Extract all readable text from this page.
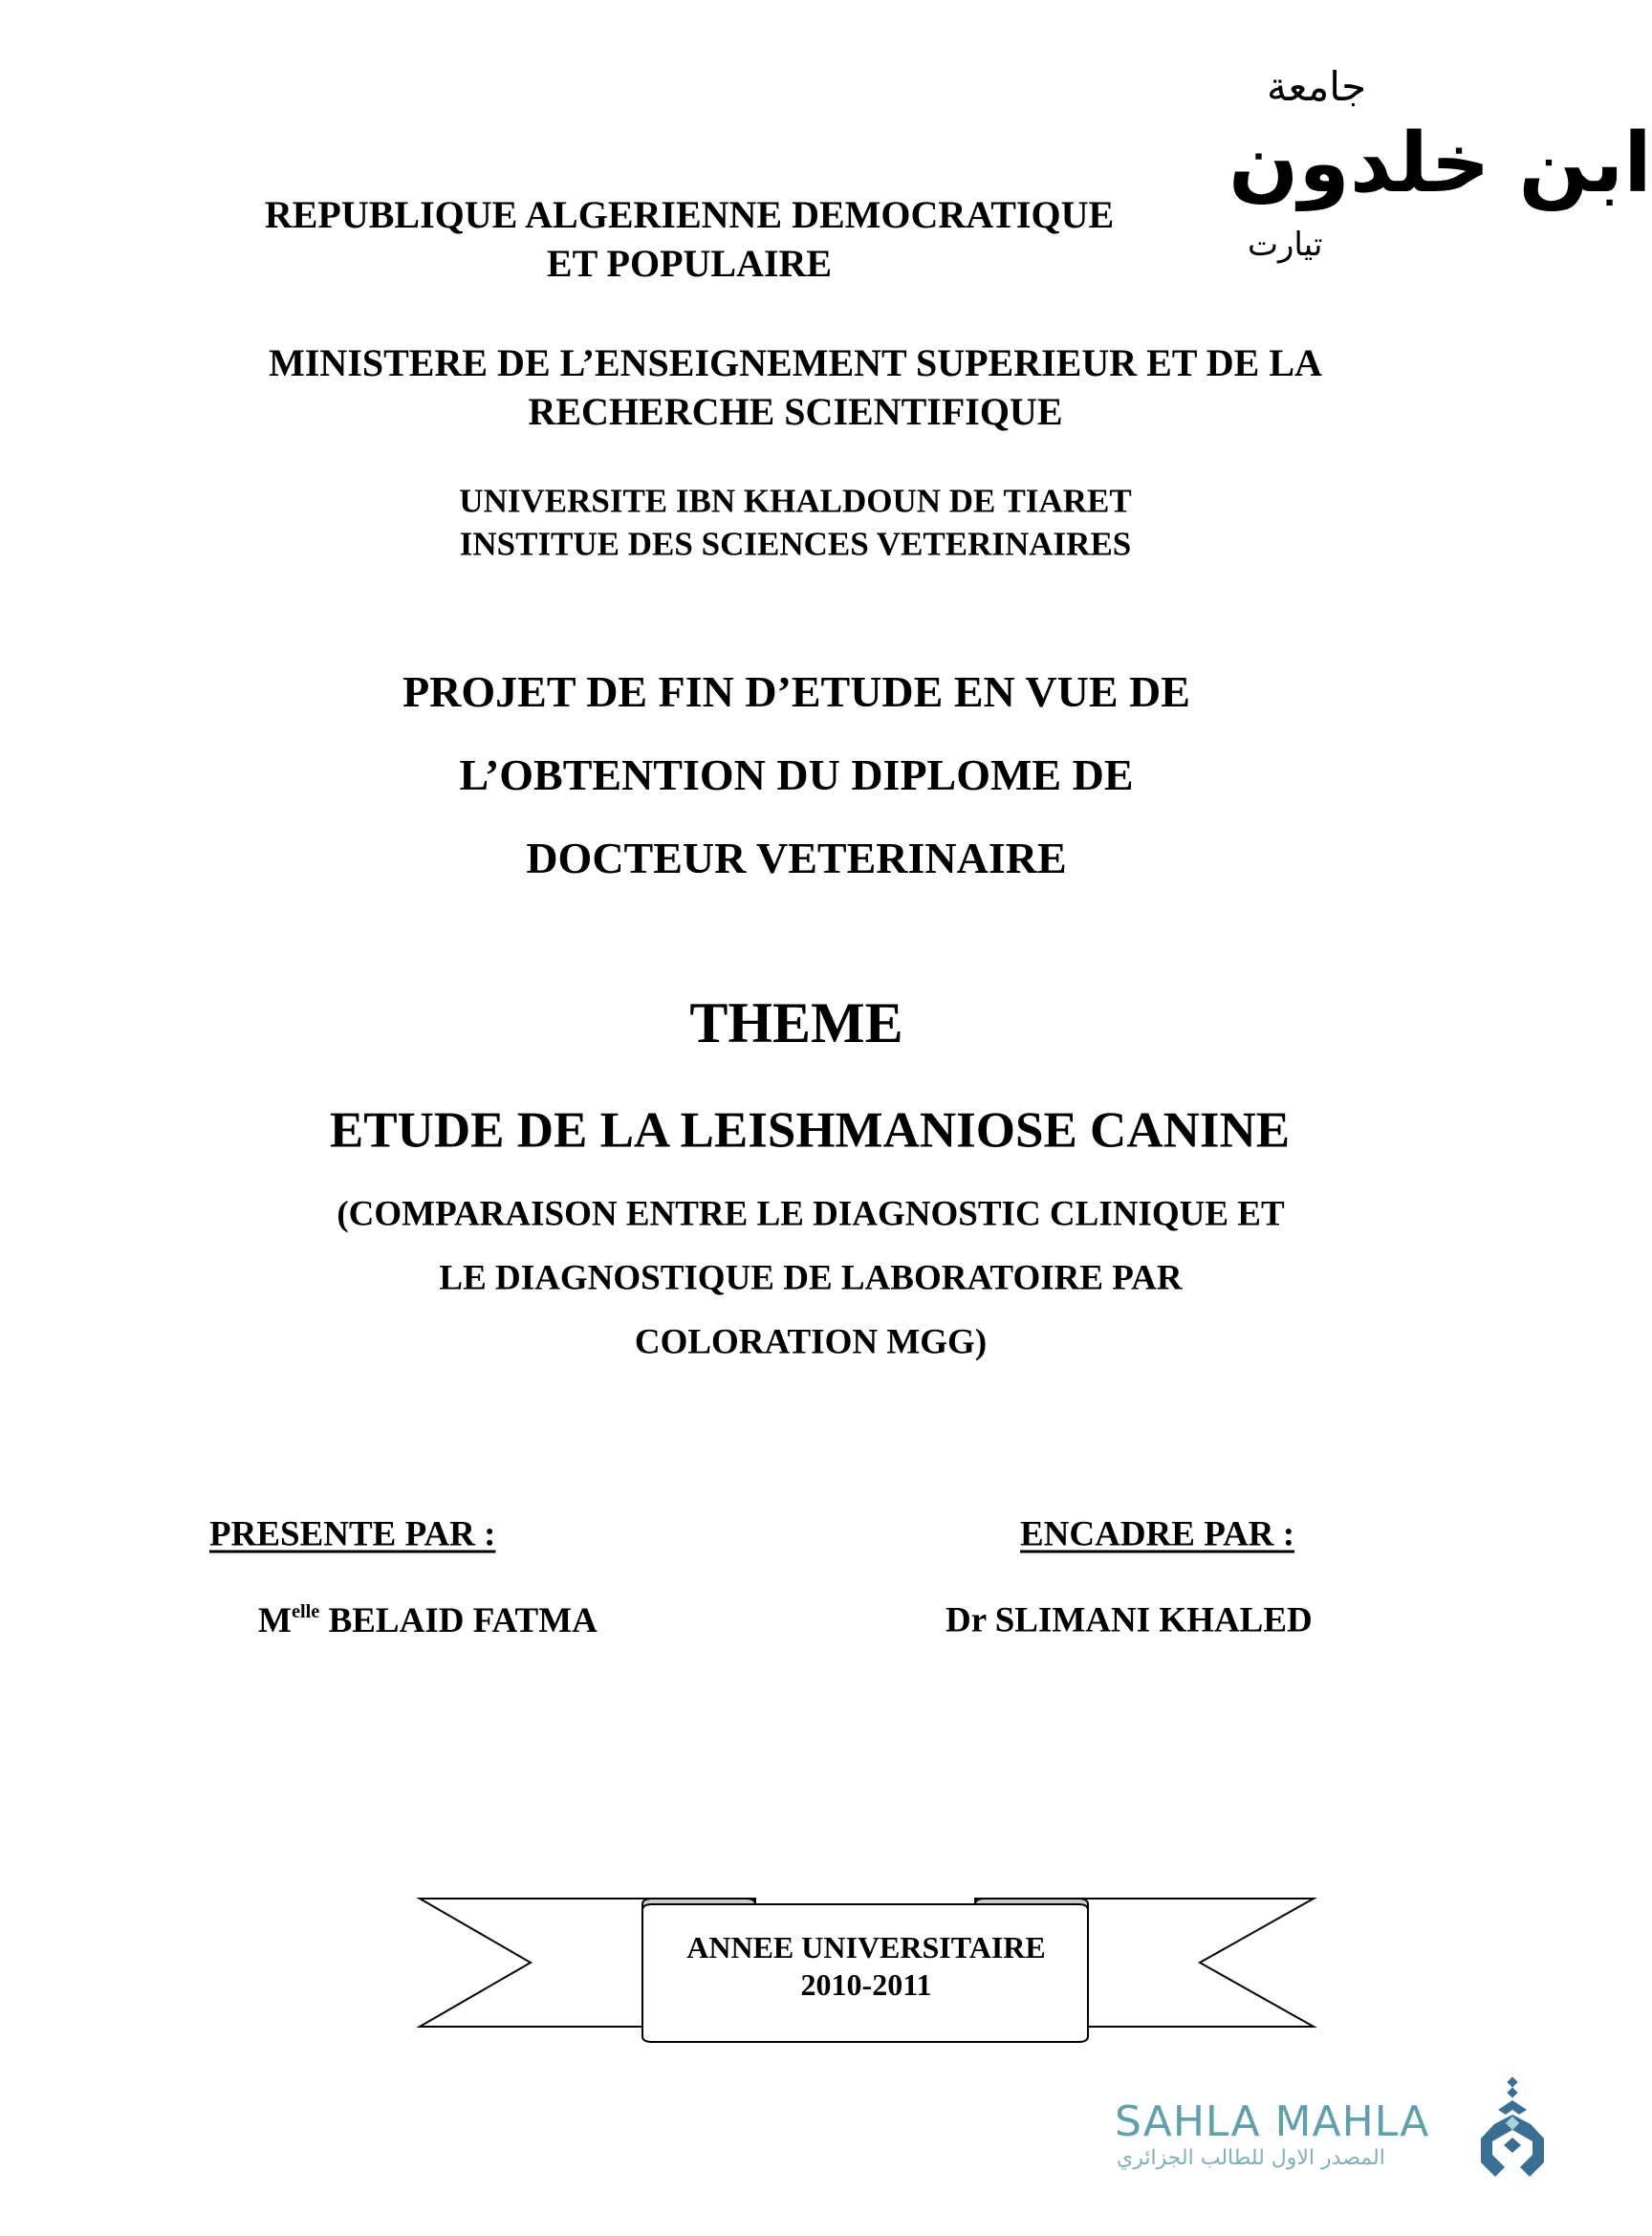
جامعة
ابن خلدون
تيارت
REPUBLIQUE ALGERIENNE DEMOCRATIQUE
ET POPULAIRE
MINISTERE DE L’ENSEIGNEMENT SUPERIEUR ET DE LA
RECHERCHE SCIENTIFIQUE
UNIVERSITE IBN KHALDOUN DE TIARET
INSTITUE DES SCIENCES VETERINAIRES
PROJET DE FIN D’ETUDE EN VUE DE
L’OBTENTION DU DIPLOME DE
DOCTEUR VETERINAIRE
THEME
ETUDE DE LA LEISHMANIOSE CANINE
(COMPARAISON ENTRE LE DIAGNOSTIC CLINIQUE ET
LE DIAGNOSTIQUE DE LABORATOIRE PAR
COLORATION MGG)
PRESENTE PAR :	ENCADRE PAR :
$M^{elle}$ BELAID FATMA	Dr SLIMANI KHALED
ANNEE UNIVERSITAIRE
2010-2011
SAHLA MAHLA
المصدر الاول للطالب الجزائري
